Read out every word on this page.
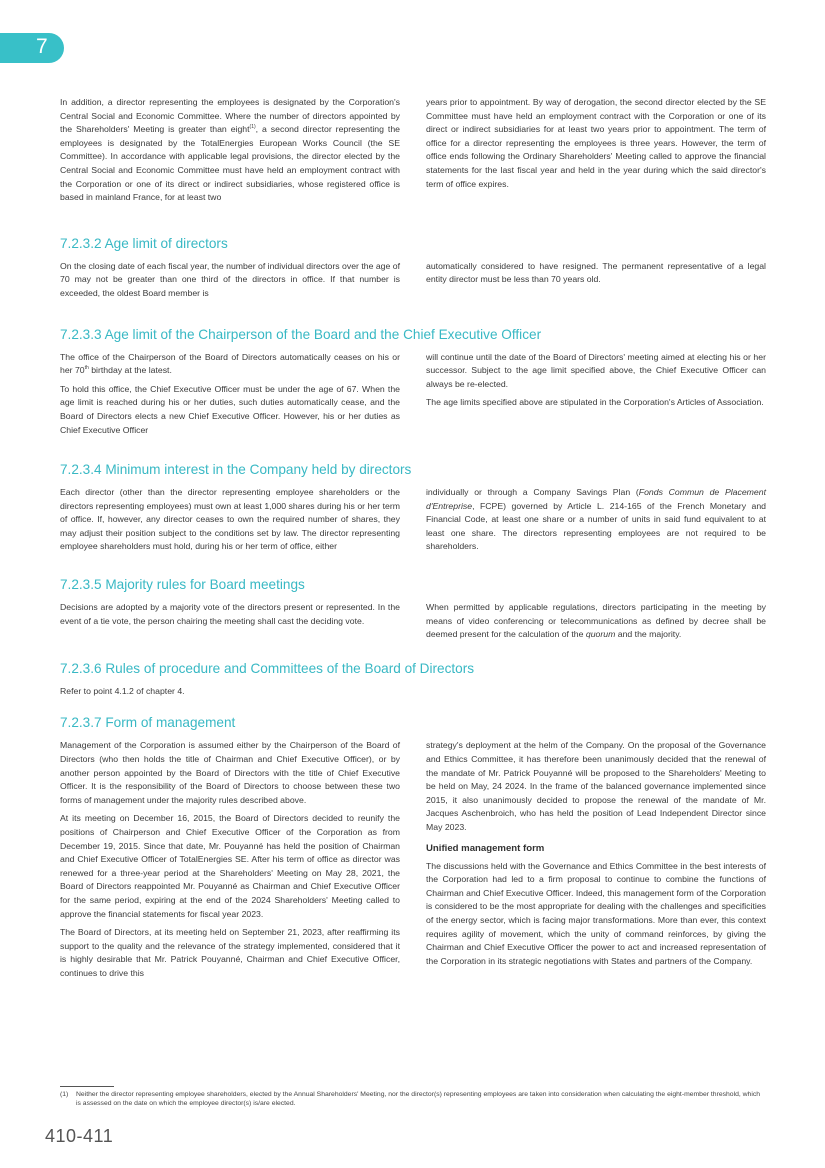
7

In addition, a director representing the employees is designated by the Corporation's Central Social and Economic Committee. Where the number of directors appointed by the Shareholders' Meeting is greater than eight$^{(1)}$, a second director representing the employees is designated by the TotalEnergies European Works Council (the SE Committee). In accordance with applicable legal provisions, the director elected by the Central Social and Economic Committee must have held an employment contract with the Corporation or one of its direct or indirect subsidiaries, whose registered office is based in mainland France, for at least two

years prior to appointment. By way of derogation, the second director elected by the SE Committee must have held an employment contract with the Corporation or one of its direct or indirect subsidiaries for at least two years prior to appointment. The term of office for a director representing the employees is three years. However, the term of office ends following the Ordinary Shareholders' Meeting called to approve the financial statements for the last fiscal year and held in the year during which the said director's term of office expires.

7.2.3.2 Age limit of directors

On the closing date of each fiscal year, the number of individual directors over the age of 70 may not be greater than one third of the directors in office. If that number is exceeded, the oldest Board member is

automatically considered to have resigned. The permanent representative of a legal entity director must be less than 70 years old.

7.2.3.3 Age limit of the Chairperson of the Board and the Chief Executive Officer

The office of the Chairperson of the Board of Directors automatically ceases on his or her 70th birthday at the latest.

To hold this office, the Chief Executive Officer must be under the age of 67. When the age limit is reached during his or her duties, such duties automatically cease, and the Board of Directors elects a new Chief Executive Officer. However, his or her duties as Chief Executive Officer

will continue until the date of the Board of Directors' meeting aimed at electing his or her successor. Subject to the age limit specified above, the Chief Executive Officer can always be re-elected.

The age limits specified above are stipulated in the Corporation's Articles of Association.

7.2.3.4 Minimum interest in the Company held by directors

Each director (other than the director representing employee shareholders or the directors representing employees) must own at least 1,000 shares during his or her term of office. If, however, any director ceases to own the required number of shares, they may adjust their position subject to the conditions set by law. The director representing employee shareholders must hold, during his or her term of office, either

individually or through a Company Savings Plan (Fonds Commun de Placement d'Entreprise, FCPE) governed by Article L. 214-165 of the French Monetary and Financial Code, at least one share or a number of units in said fund equivalent to at least one share. The directors representing employees are not required to be shareholders.

7.2.3.5 Majority rules for Board meetings

Decisions are adopted by a majority vote of the directors present or represented. In the event of a tie vote, the person chairing the meeting shall cast the deciding vote.

When permitted by applicable regulations, directors participating in the meeting by means of video conferencing or telecommunications as defined by decree shall be deemed present for the calculation of the quorum and the majority.

7.2.3.6 Rules of procedure and Committees of the Board of Directors

Refer to point 4.1.2 of chapter 4.

7.2.3.7 Form of management

Management of the Corporation is assumed either by the Chairperson of the Board of Directors (who then holds the title of Chairman and Chief Executive Officer), or by another person appointed by the Board of Directors with the title of Chief Executive Officer. It is the responsibility of the Board of Directors to choose between these two forms of management under the majority rules described above.

At its meeting on December 16, 2015, the Board of Directors decided to reunify the positions of Chairperson and Chief Executive Officer of the Corporation as from December 19, 2015. Since that date, Mr. Pouyanné has held the position of Chairman and Chief Executive Officer of TotalEnergies SE. After his term of office as director was renewed for a three-year period at the Shareholders' Meeting on May 28, 2021, the Board of Directors reappointed Mr. Pouyanné as Chairman and Chief Executive Officer for the same period, expiring at the end of the 2024 Shareholders' Meeting called to approve the financial statements for fiscal year 2023.

The Board of Directors, at its meeting held on September 21, 2023, after reaffirming its support to the quality and the relevance of the strategy implemented, considered that it is highly desirable that Mr. Patrick Pouyanné, Chairman and Chief Executive Officer, continues to drive this

strategy's deployment at the helm of the Company. On the proposal of the Governance and Ethics Committee, it has therefore been unanimously decided that the renewal of the mandate of Mr. Patrick Pouyanné will be proposed to the Shareholders' Meeting to be held on May, 24 2024. In the frame of the balanced governance implemented since 2015, it also unanimously decided to propose the renewal of the mandate of Mr. Jacques Aschenbroich, who has held the position of Lead Independent Director since May 2023.

Unified management form

The discussions held with the Governance and Ethics Committee in the best interests of the Corporation had led to a firm proposal to continue to combine the functions of Chairman and Chief Executive Officer. Indeed, this management form of the Corporation is considered to be the most appropriate for dealing with the challenges and specificities of the energy sector, which is facing major transformations. More than ever, this context requires agility of movement, which the unity of command reinforces, by giving the Chairman and Chief Executive Officer the power to act and increased representation of the Corporation in its strategic negotiations with States and partners of the Company.

(1)	Neither the director representing employee shareholders, elected by the Annual Shareholders' Meeting, nor the director(s) representing employees are taken into consideration when calculating the eight-member threshold, which is assessed on the date on which the employee director(s) is/are elected.
410-411
